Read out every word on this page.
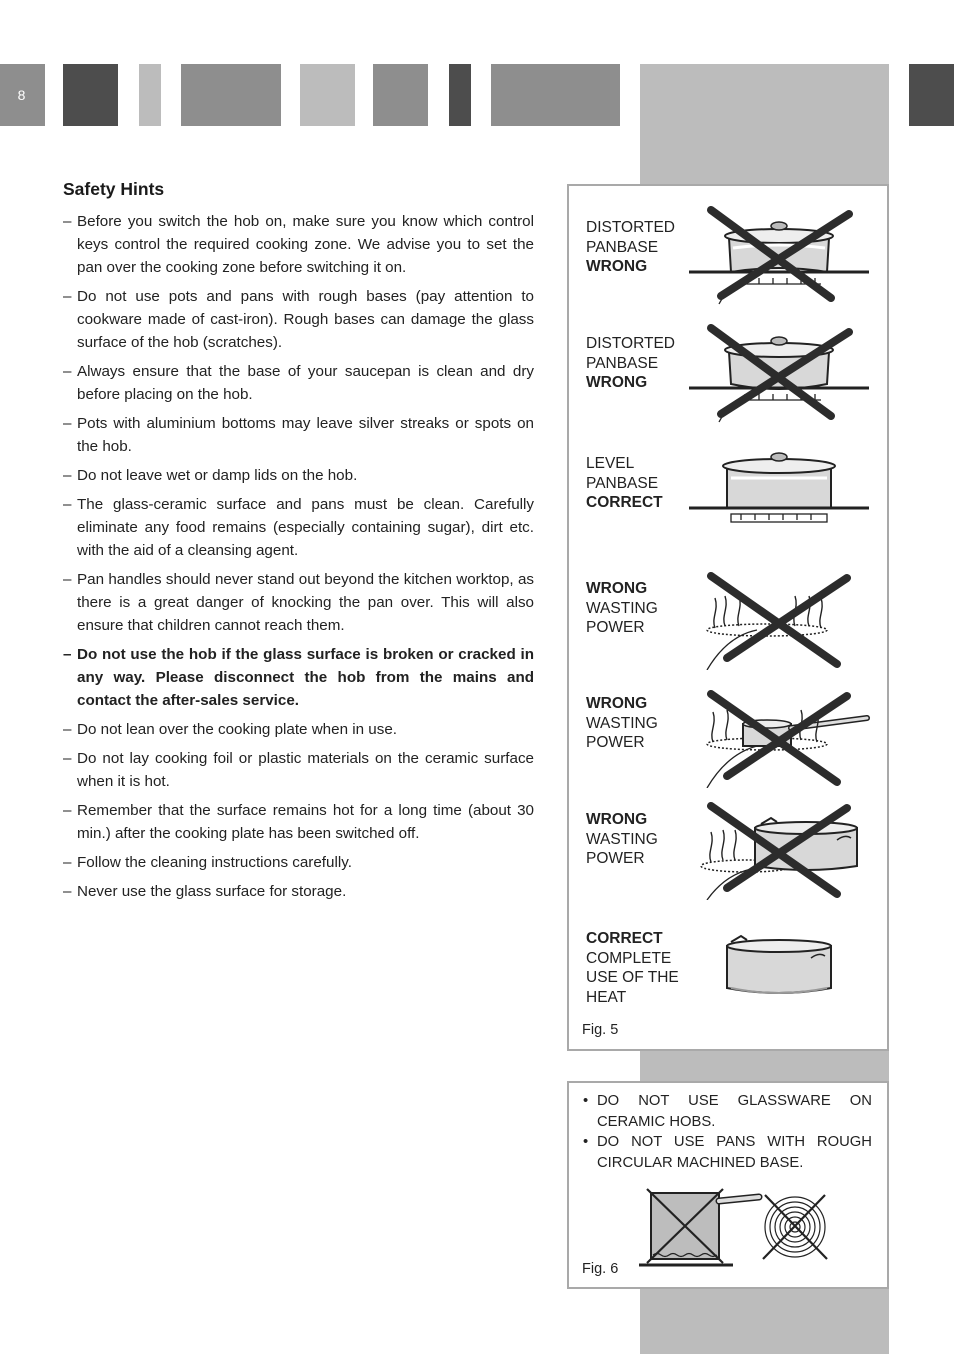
8
Safety Hints
– Before you switch the hob on, make sure you know which control keys control the required cooking zone. We advise you to set the pan over the cooking zone before switching it on.
– Do not use pots and pans with rough bases (pay attention to cookware made of cast-iron). Rough bases can damage the glass surface of the hob (scratches).
– Always ensure that the base of your saucepan is clean and dry before placing on the hob.
– Pots with aluminium bottoms may leave silver streaks or spots on the hob.
– Do not leave wet or damp lids on the hob.
– The glass-ceramic surface and pans must be clean. Carefully eliminate any food remains (especially containing sugar), dirt etc. with the aid of a cleansing agent.
– Pan handles should never stand out beyond the kitchen worktop, as there is a great danger of knocking the pan over. This will also ensure that children cannot reach them.
– Do not use the hob if the glass surface is broken or cracked in any way. Please disconnect the hob from the mains and contact the after-sales service.
– Do not lean over the cooking plate when in use.
– Do not lay cooking foil or plastic materials on the ceramic surface when it is hot.
– Remember that the surface remains hot for a long time (about 30 min.) after the cooking plate has been switched off.
– Follow the cleaning instructions carefully.
– Never use the glass surface for storage.
DISTORTED
PANBASE
WRONG
DISTORTED
PANBASE
WRONG
LEVEL
PANBASE
CORRECT
WRONG
WASTING
POWER
WRONG
WASTING
POWER
WRONG
WASTING
POWER
CORRECT
COMPLETE
USE OF THE
HEAT
Fig. 5
• DO NOT USE GLASSWARE ON CERAMIC HOBS.
• DO NOT USE PANS WITH ROUGH CIRCULAR MACHINED BASE.
Fig. 6
